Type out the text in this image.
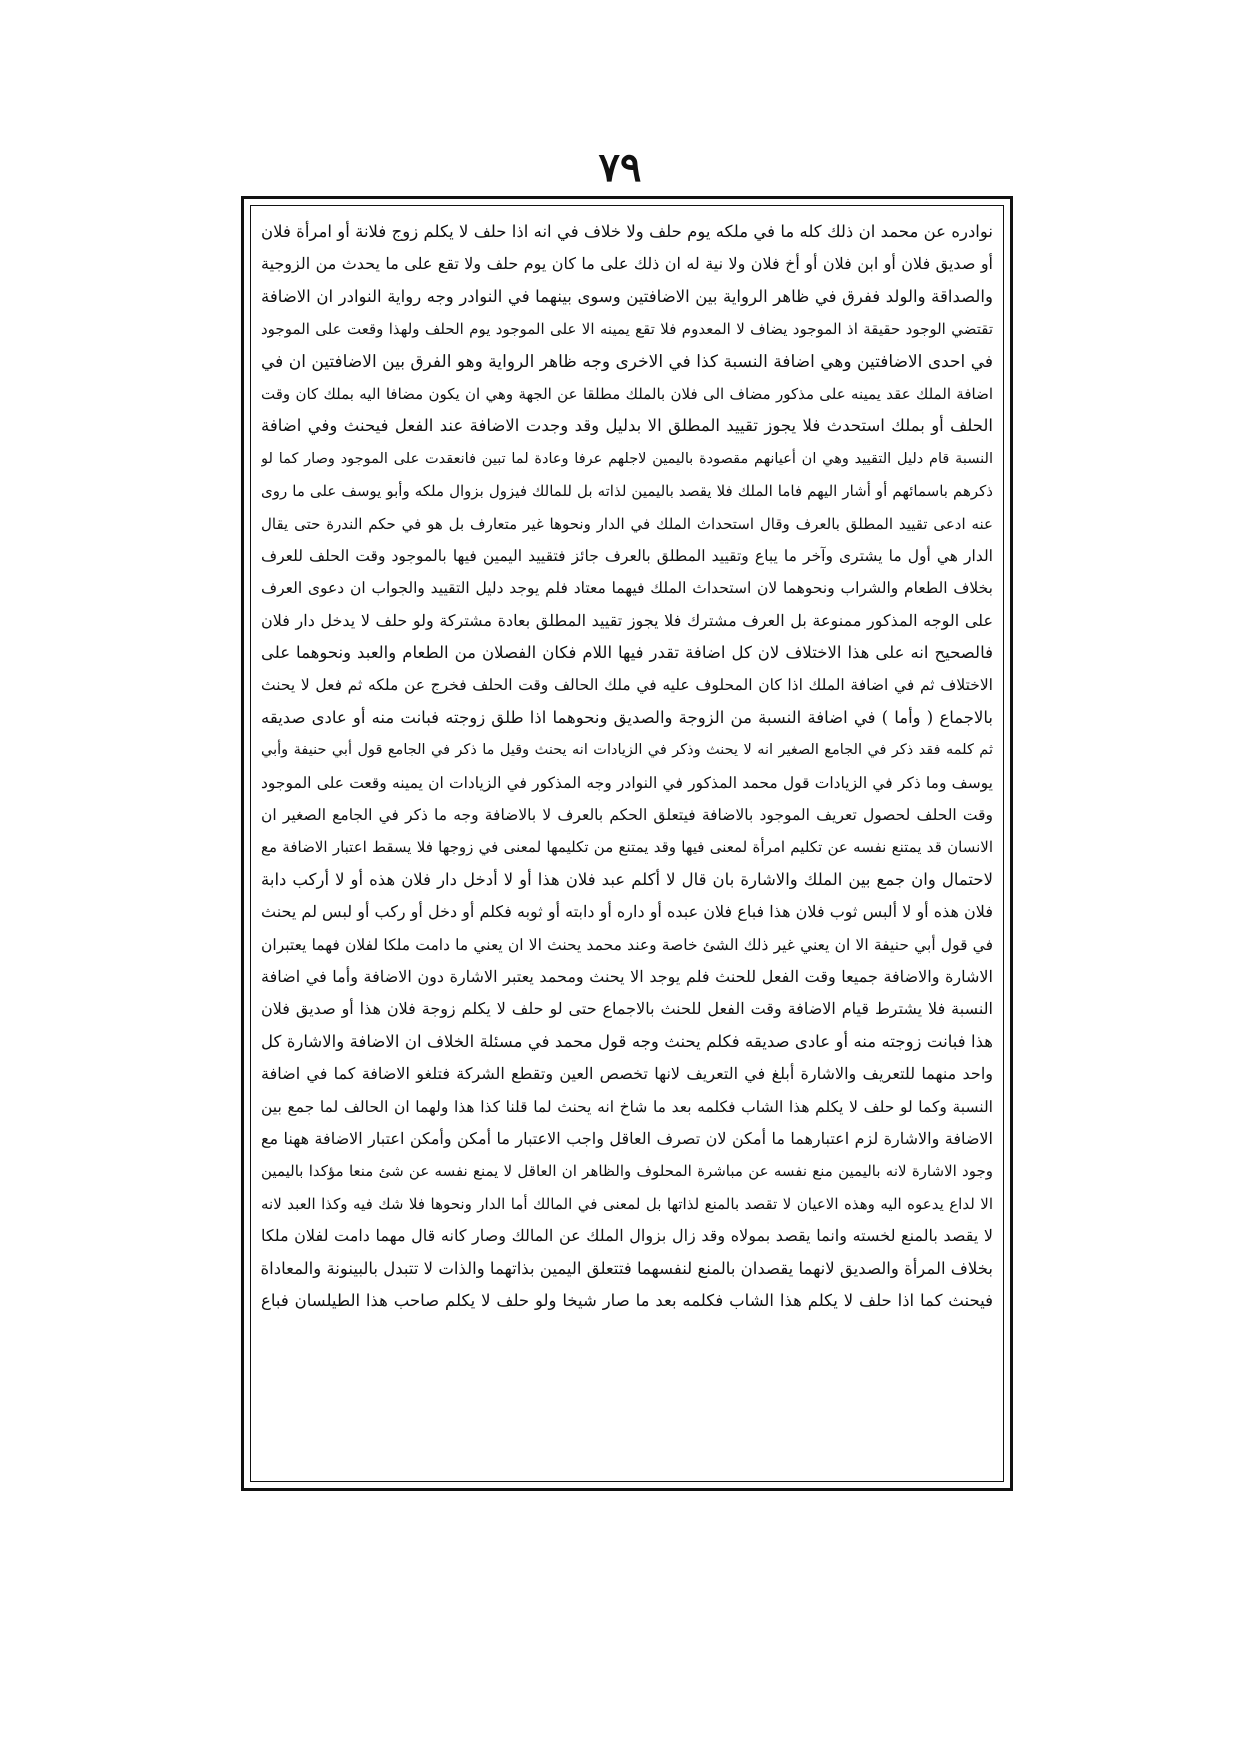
۷۹
نوادره عن محمد ان ذلك كله ما في ملكه يوم حلف ولا خلاف في انه اذا حلف لا يكلم زوج فلانة أو امرأة فلان
أو صديق فلان أو ابن فلان أو أخ فلان ولا نية له ان ذلك على ما كان يوم حلف ولا تقع على ما يحدث من الزوجية
والصداقة والولد ففرق في ظاهر الرواية بين الاضافتين وسوى بينهما في النوادر وجه رواية النوادر ان الاضافة
تقتضي الوجود حقيقة اذ الموجود يضاف لا المعدوم فلا تقع يمينه الا على الموجود يوم الحلف ولهذا وقعت على الموجود
في احدى الاضافتين وهي اضافة النسبة كذا في الاخرى وجه ظاهر الرواية وهو الفرق بين الاضافتين ان في
اضافة الملك عقد يمينه على مذكور مضاف الى فلان بالملك مطلقا عن الجهة وهي ان يكون مضافا اليه بملك كان وقت
الحلف أو بملك استحدث فلا يجوز تقييد المطلق الا بدليل وقد وجدت الاضافة عند الفعل فيحنث وفي اضافة
النسبة قام دليل التقييد وهي ان أعيانهم مقصودة باليمين لاجلهم عرفا وعادة لما تبين فانعقدت على الموجود وصار كما لو
ذكرهم باسمائهم أو أشار اليهم فاما الملك فلا يقصد باليمين لذاته بل للمالك فيزول بزوال ملكه وأبو يوسف على ما روى
عنه ادعى تقييد المطلق بالعرف وقال استحداث الملك في الدار ونحوها غير متعارف بل هو في حكم الندرة حتى يقال
الدار هي أول ما يشترى وآخر ما يباع وتقييد المطلق بالعرف جائز فتقييد اليمين فيها بالموجود وقت الحلف للعرف
بخلاف الطعام والشراب ونحوهما لان استحداث الملك فيهما معتاد فلم يوجد دليل التقييد والجواب ان دعوى العرف
على الوجه المذكور ممنوعة بل العرف مشترك فلا يجوز تقييد المطلق بعادة مشتركة ولو حلف لا يدخل دار فلان
فالصحيح انه على هذا الاختلاف لان كل اضافة تقدر فيها اللام فكان الفصلان من الطعام والعبد ونحوهما على
الاختلاف ثم في اضافة الملك اذا كان المحلوف عليه في ملك الحالف وقت الحلف فخرج عن ملكه ثم فعل لا يحنث
بالاجماع ( وأما ) في اضافة النسبة من الزوجة والصديق ونحوهما اذا طلق زوجته فبانت منه أو عادى صديقه
ثم كلمه فقد ذكر في الجامع الصغير انه لا يحنث وذكر في الزيادات انه يحنث وقيل ما ذكر في الجامع قول أبي حنيفة وأبي
يوسف وما ذكر في الزيادات قول محمد المذكور في النوادر وجه المذكور في الزيادات ان يمينه وقعت على الموجود
وقت الحلف لحصول تعريف الموجود بالاضافة فيتعلق الحكم بالعرف لا بالاضافة وجه ما ذكر في الجامع الصغير ان
الانسان قد يمتنع نفسه عن تكليم امرأة لمعنى فيها وقد يمتنع من تكليمها لمعنى في زوجها فلا يسقط اعتبار الاضافة مع
لاحتمال وان جمع بين الملك والاشارة بان قال لا أكلم عبد فلان هذا أو لا أدخل دار فلان هذه أو لا أركب دابة
فلان هذه أو لا ألبس ثوب فلان هذا فباع فلان عبده أو داره أو دابته أو ثوبه فكلم أو دخل أو ركب أو لبس لم يحنث
في قول أبي حنيفة الا ان يعني غير ذلك الشئ خاصة وعند محمد يحنث الا ان يعني ما دامت ملكا لفلان فهما يعتبران
الاشارة والاضافة جميعا وقت الفعل للحنث فلم يوجد الا يحنث ومحمد يعتبر الاشارة دون الاضافة وأما في اضافة
النسبة فلا يشترط قيام الاضافة وقت الفعل للحنث بالاجماع حتى لو حلف لا يكلم زوجة فلان هذا أو صديق فلان
هذا فبانت زوجته منه أو عادى صديقه فكلم يحنث وجه قول محمد في مسئلة الخلاف ان الاضافة والاشارة كل
واحد منهما للتعريف والاشارة أبلغ في التعريف لانها تخصص العين وتقطع الشركة فتلغو الاضافة كما في اضافة
النسبة وكما لو حلف لا يكلم هذا الشاب فكلمه بعد ما شاخ انه يحنث لما قلنا كذا هذا ولهما ان الحالف لما جمع بين
الاضافة والاشارة لزم اعتبارهما ما أمكن لان تصرف العاقل واجب الاعتبار ما أمكن وأمكن اعتبار الاضافة ههنا مع
وجود الاشارة لانه باليمين منع نفسه عن مباشرة المحلوف والظاهر ان العاقل لا يمنع نفسه عن شئ منعا مؤكدا باليمين
الا لداع يدعوه اليه وهذه الاعيان لا تقصد بالمنع لذاتها بل لمعنى في المالك أما الدار ونحوها فلا شك فيه وكذا العبد لانه
لا يقصد بالمنع لخسته وانما يقصد بمولاه وقد زال بزوال الملك عن المالك وصار كانه قال مهما دامت لفلان ملكا
بخلاف المرأة والصديق لانهما يقصدان بالمنع لنفسهما فتتعلق اليمين بذاتهما والذات لا تتبدل بالبينونة والمعاداة
فيحنث كما اذا حلف لا يكلم هذا الشاب فكلمه بعد ما صار شيخا ولو حلف لا يكلم صاحب هذا الطيلسان فباع
